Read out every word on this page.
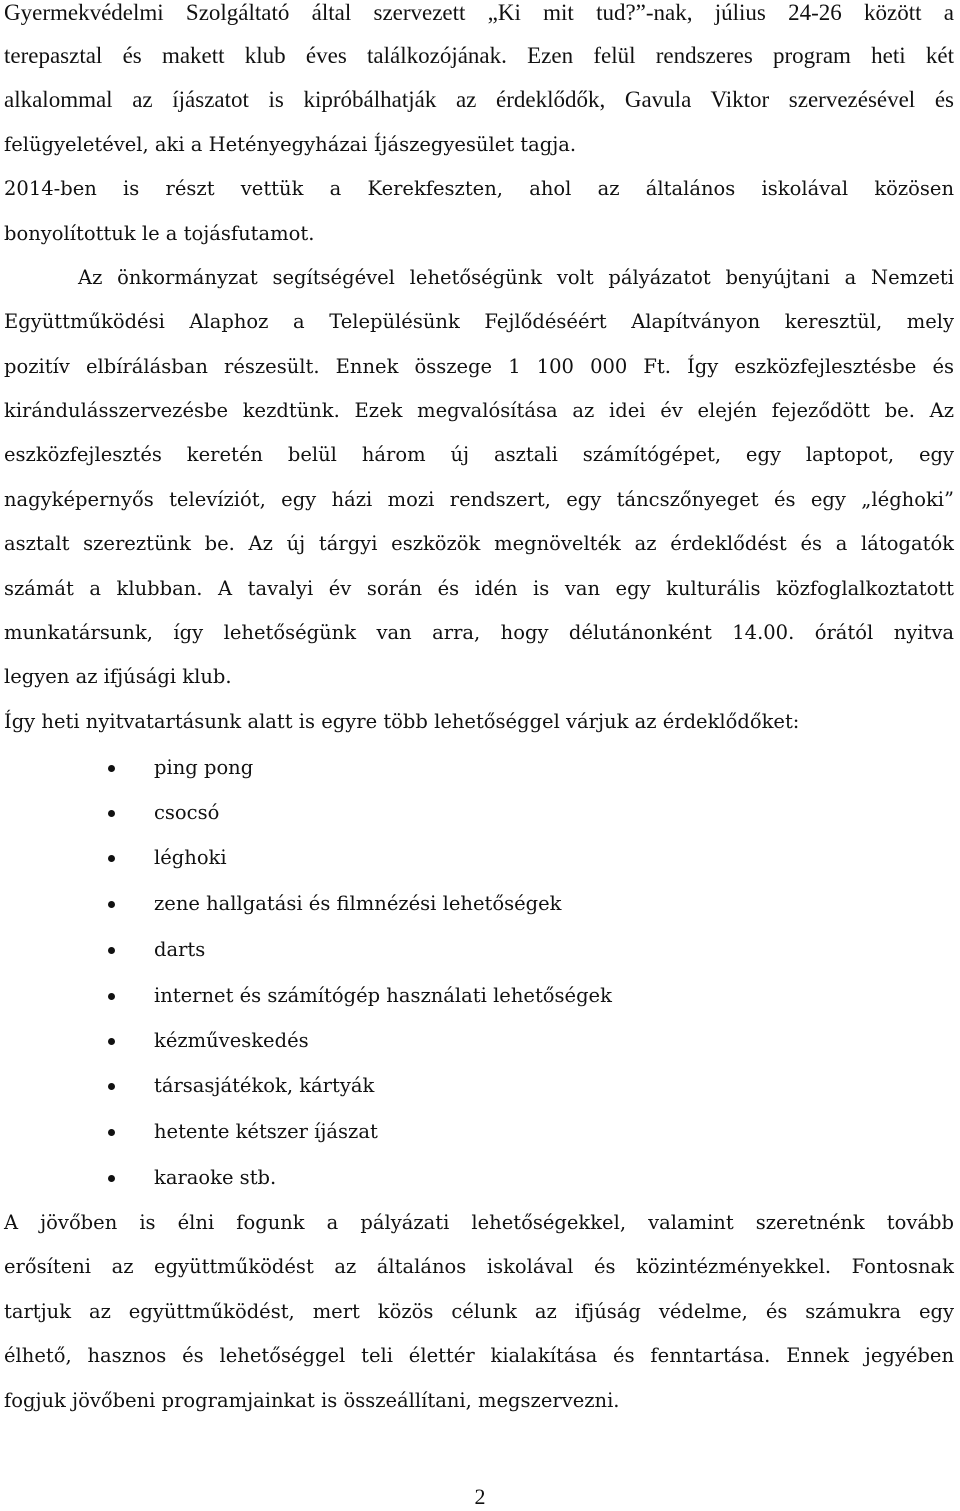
Gyermekvédelmi Szolgáltató által szervezett „Ki mit tud?”-nak, július 24-26 között a
terepasztal és makett klub éves találkozójának. Ezen felül rendszeres program heti két
alkalommal az íjászatot is kipróbálhatják az érdeklődők, Gavula Viktor szervezésével és
felügyeletével, aki a Hetényegyházai Íjászegyesület tagja.
2014-ben is részt vettük a Kerekfeszten, ahol az általános iskolával közösen
bonyolítottuk le a tojásfutamot.
Az önkormányzat segítségével lehetőségünk volt pályázatot benyújtani a Nemzeti
Együttműködési Alaphoz a Településünk Fejlődéséért Alapítványon keresztül, mely
pozitív elbírálásban részesült. Ennek összege 1 100 000 Ft. Így eszközfejlesztésbe és
kirándulásszervezésbe kezdtünk. Ezek megvalósítása az idei év elején fejeződött be. Az
eszközfejlesztés keretén belül három új asztali számítógépet, egy laptopot, egy
nagyképernyős televíziót, egy házi mozi rendszert, egy táncszőnyeget és egy „léghoki”
asztalt szereztünk be. Az új tárgyi eszközök megnövelték az érdeklődést és a látogatók
számát a klubban. A tavalyi év során és idén is van egy kulturális közfoglalkoztatott
munkatársunk, így lehetőségünk van arra, hogy délutánonként 14.00. órától nyitva
legyen az ifjúsági klub.
Így heti nyitvatartásunk alatt is egyre több lehetőséggel várjuk az érdeklődőket:
ping pong
csocsó
léghoki
zene hallgatási és filmnézési lehetőségek
darts
internet és számítógép használati lehetőségek
kézműveskedés
társasjátékok, kártyák
hetente kétszer íjászat
karaoke stb.
A jövőben is élni fogunk a pályázati lehetőségekkel, valamint szeretnénk tovább
erősíteni az együttműködést az általános iskolával és közintézményekkel. Fontosnak
tartjuk az együttműködést, mert közös célunk az ifjúság védelme, és számukra egy
élhető, hasznos és lehetőséggel teli élettér kialakítása és fenntartása. Ennek jegyében
fogjuk jövőbeni programjainkat is összeállítani, megszervezni.
2
